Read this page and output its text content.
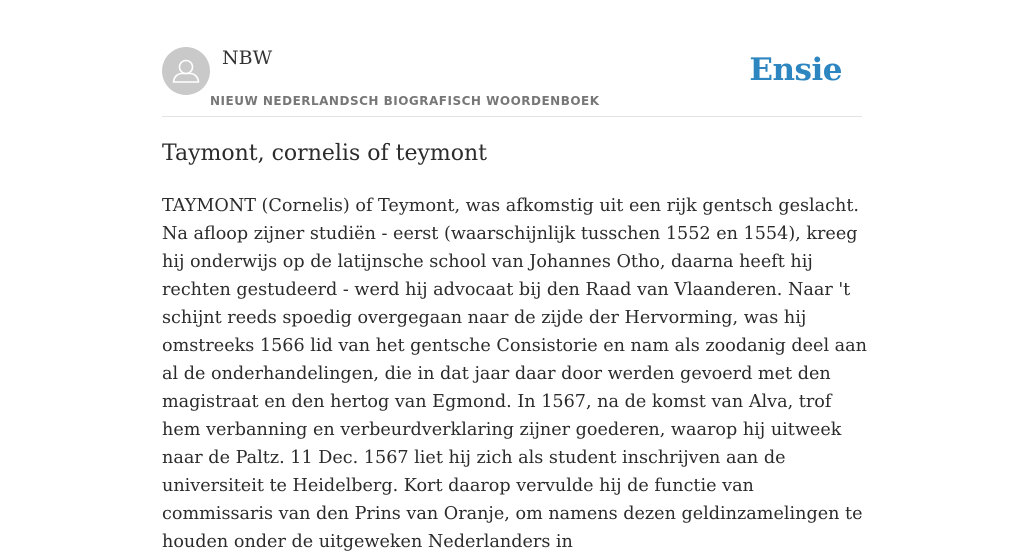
NBW
NIEUW NEDERLANDSCH BIOGRAFISCH WOORDENBOEK
Ensie
Taymont, cornelis of teymont

TAYMONT (Cornelis) of Teymont, was afkomstig uit een rijk gentsch geslacht. Na afloop zijner studiën - eerst (waarschijnlijk tusschen 1552 en 1554), kreeg hij onderwijs op de latijnsche school van Johannes Otho, daarna heeft hij rechten gestudeerd - werd hij advocaat bij den Raad van Vlaanderen. Naar 't schijnt reeds spoedig overgegaan naar de zijde der Hervorming, was hij omstreeks 1566 lid van het gentsche Consistorie en nam als zoodanig deel aan al de onderhandelingen, die in dat jaar daar door werden gevoerd met den magistraat en den hertog van Egmond. In 1567, na de komst van Alva, trof hem verbanning en verbeurdverklaring zijner goederen, waarop hij uitweek naar de Paltz. 11 Dec. 1567 liet hij zich als student inschrijven aan de universiteit te Heidelberg. Kort daarop vervulde hij de functie van commissaris van den Prins van Oranje, om namens dezen geldinzamelingen te houden onder de uitgeweken Nederlanders in
